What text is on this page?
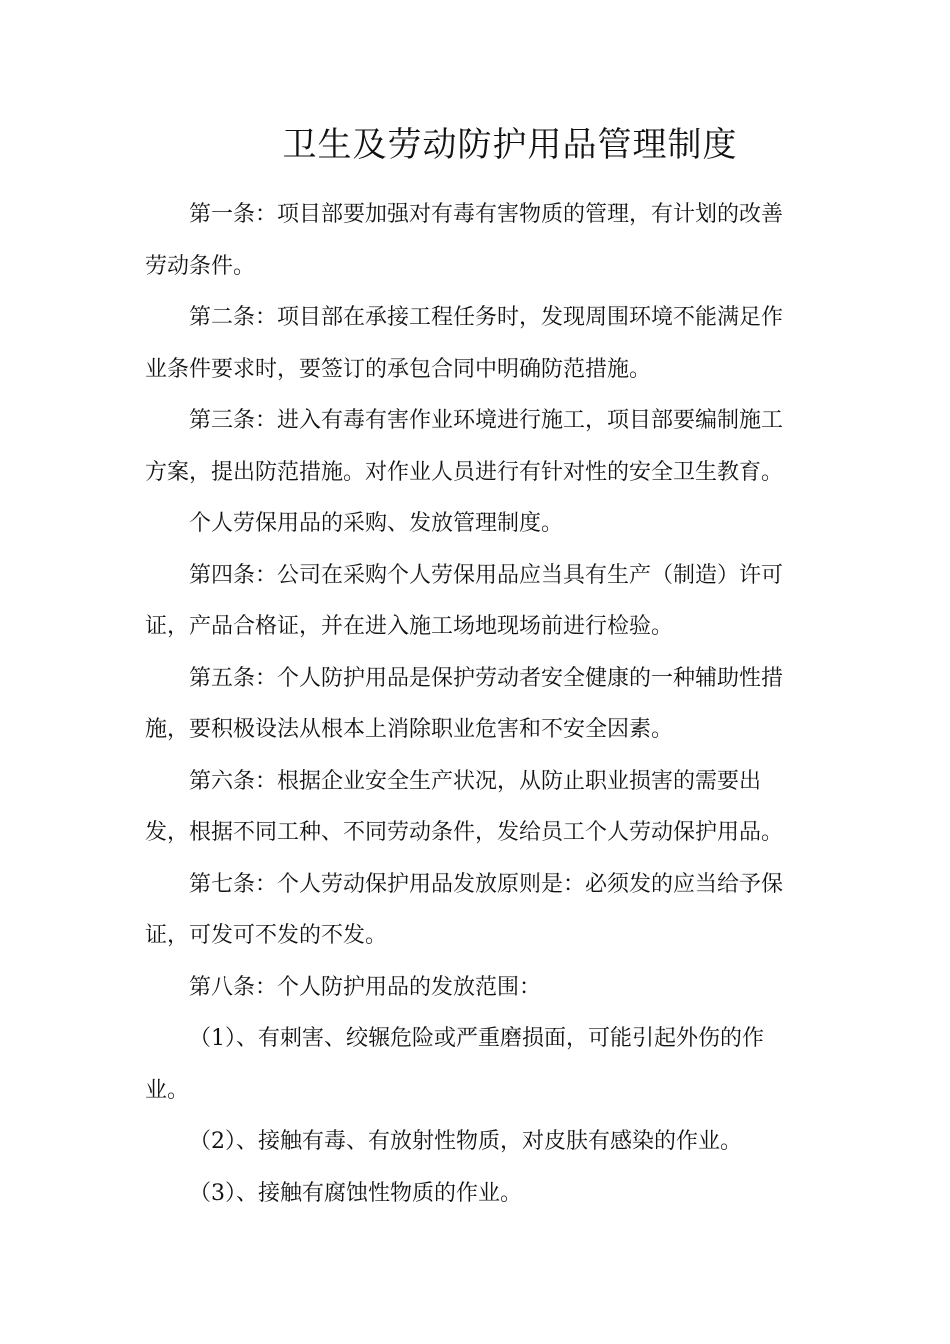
卫生及劳动防护用品管理制度

第一条：项目部要加强对有毒有害物质的管理，有计划的改善劳动条件。

第二条：项目部在承接工程任务时，发现周围环境不能满足作业条件要求时，要签订的承包合同中明确防范措施。

第三条：进入有毒有害作业环境进行施工，项目部要编制施工方案，提出防范措施。对作业人员进行有针对性的安全卫生教育。

个人劳保用品的采购、发放管理制度。

第四条：公司在采购个人劳保用品应当具有生产（制造）许可证，产品合格证，并在进入施工场地现场前进行检验。

第五条：个人防护用品是保护劳动者安全健康的一种辅助性措施，要积极设法从根本上消除职业危害和不安全因素。

第六条：根据企业安全生产状况，从防止职业损害的需要出发，根据不同工种、不同劳动条件，发给员工个人劳动保护用品。

第七条：个人劳动保护用品发放原则是：必须发的应当给予保证，可发可不发的不发。

第八条：个人防护用品的发放范围：

（1）、有刺害、绞辗危险或严重磨损面，可能引起外伤的作业。

（2）、接触有毒、有放射性物质，对皮肤有感染的作业。

（3）、接触有腐蚀性物质的作业。
